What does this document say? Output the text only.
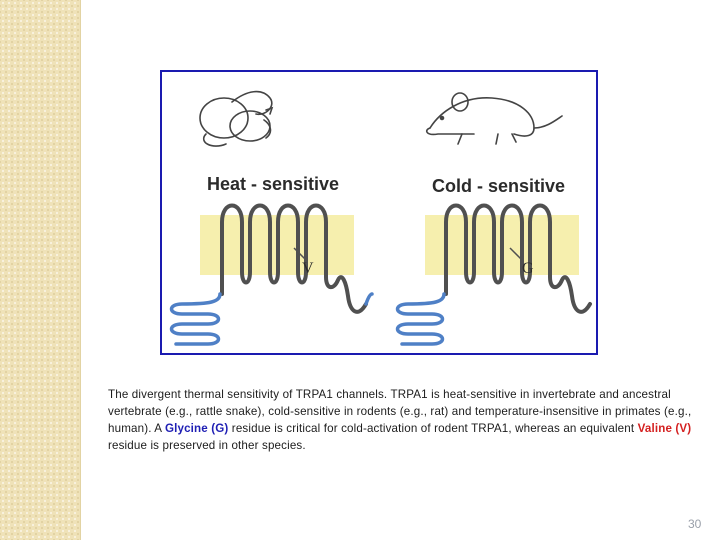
Heat - sensitive	Cold - sensitive
V	G
The divergent thermal sensitivity of TRPA1 channels. TRPA1 is heat-sensitive in invertebrate and ancestral vertebrate (e.g., rattle snake), cold-sensitive in rodents (e.g., rat) and temperature-insensitive in primates (e.g., human). A Glycine (G) residue is critical for cold-activation of rodent TRPA1, whereas an equivalent Valine (V) residue is preserved in other species.
30
